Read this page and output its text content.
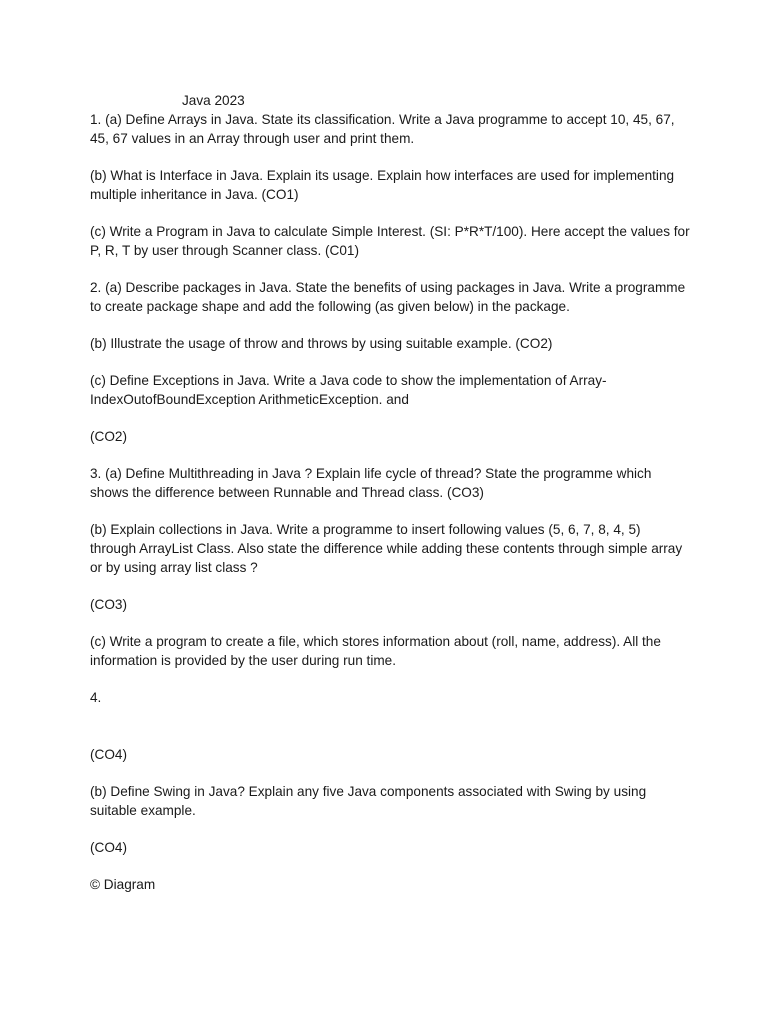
Java 2023

1. (a) Define Arrays in Java. State its classification. Write a Java programme to accept 10, 45, 67, 45, 67 values in an Array through user and print them.

(b) What is Interface in Java. Explain its usage. Explain how interfaces are used for implementing multiple inheritance in Java. (CO1)

(c) Write a Program in Java to calculate Simple Interest. (SI: P*R*T/100). Here accept the values for P, R, T by user through Scanner class. (C01)

2. (a) Describe packages in Java. State the benefits of using packages in Java. Write a programme to create package shape and add the following (as given below) in the package.

(b) Illustrate the usage of throw and throws by using suitable example. (CO2)

(c) Define Exceptions in Java. Write a Java code to show the implementation of Array-

IndexOutofBoundException ArithmeticException. and

(CO2)

3. (a) Define Multithreading in Java ? Explain life cycle of thread? State the programme which shows the difference between Runnable and Thread class. (CO3)

(b) Explain collections in Java. Write a programme to insert following values (5, 6, 7, 8, 4, 5) through ArrayList Class. Also state the difference while adding these contents through simple array or by using array list class ?

(CO3)

(c) Write a program to create a file, which stores information about (roll, name, address). All the information is provided by the user during run time.

4.

(CO4)

(b) Define Swing in Java? Explain any five Java components associated with Swing by using suitable example.

(CO4)

© Diagram
